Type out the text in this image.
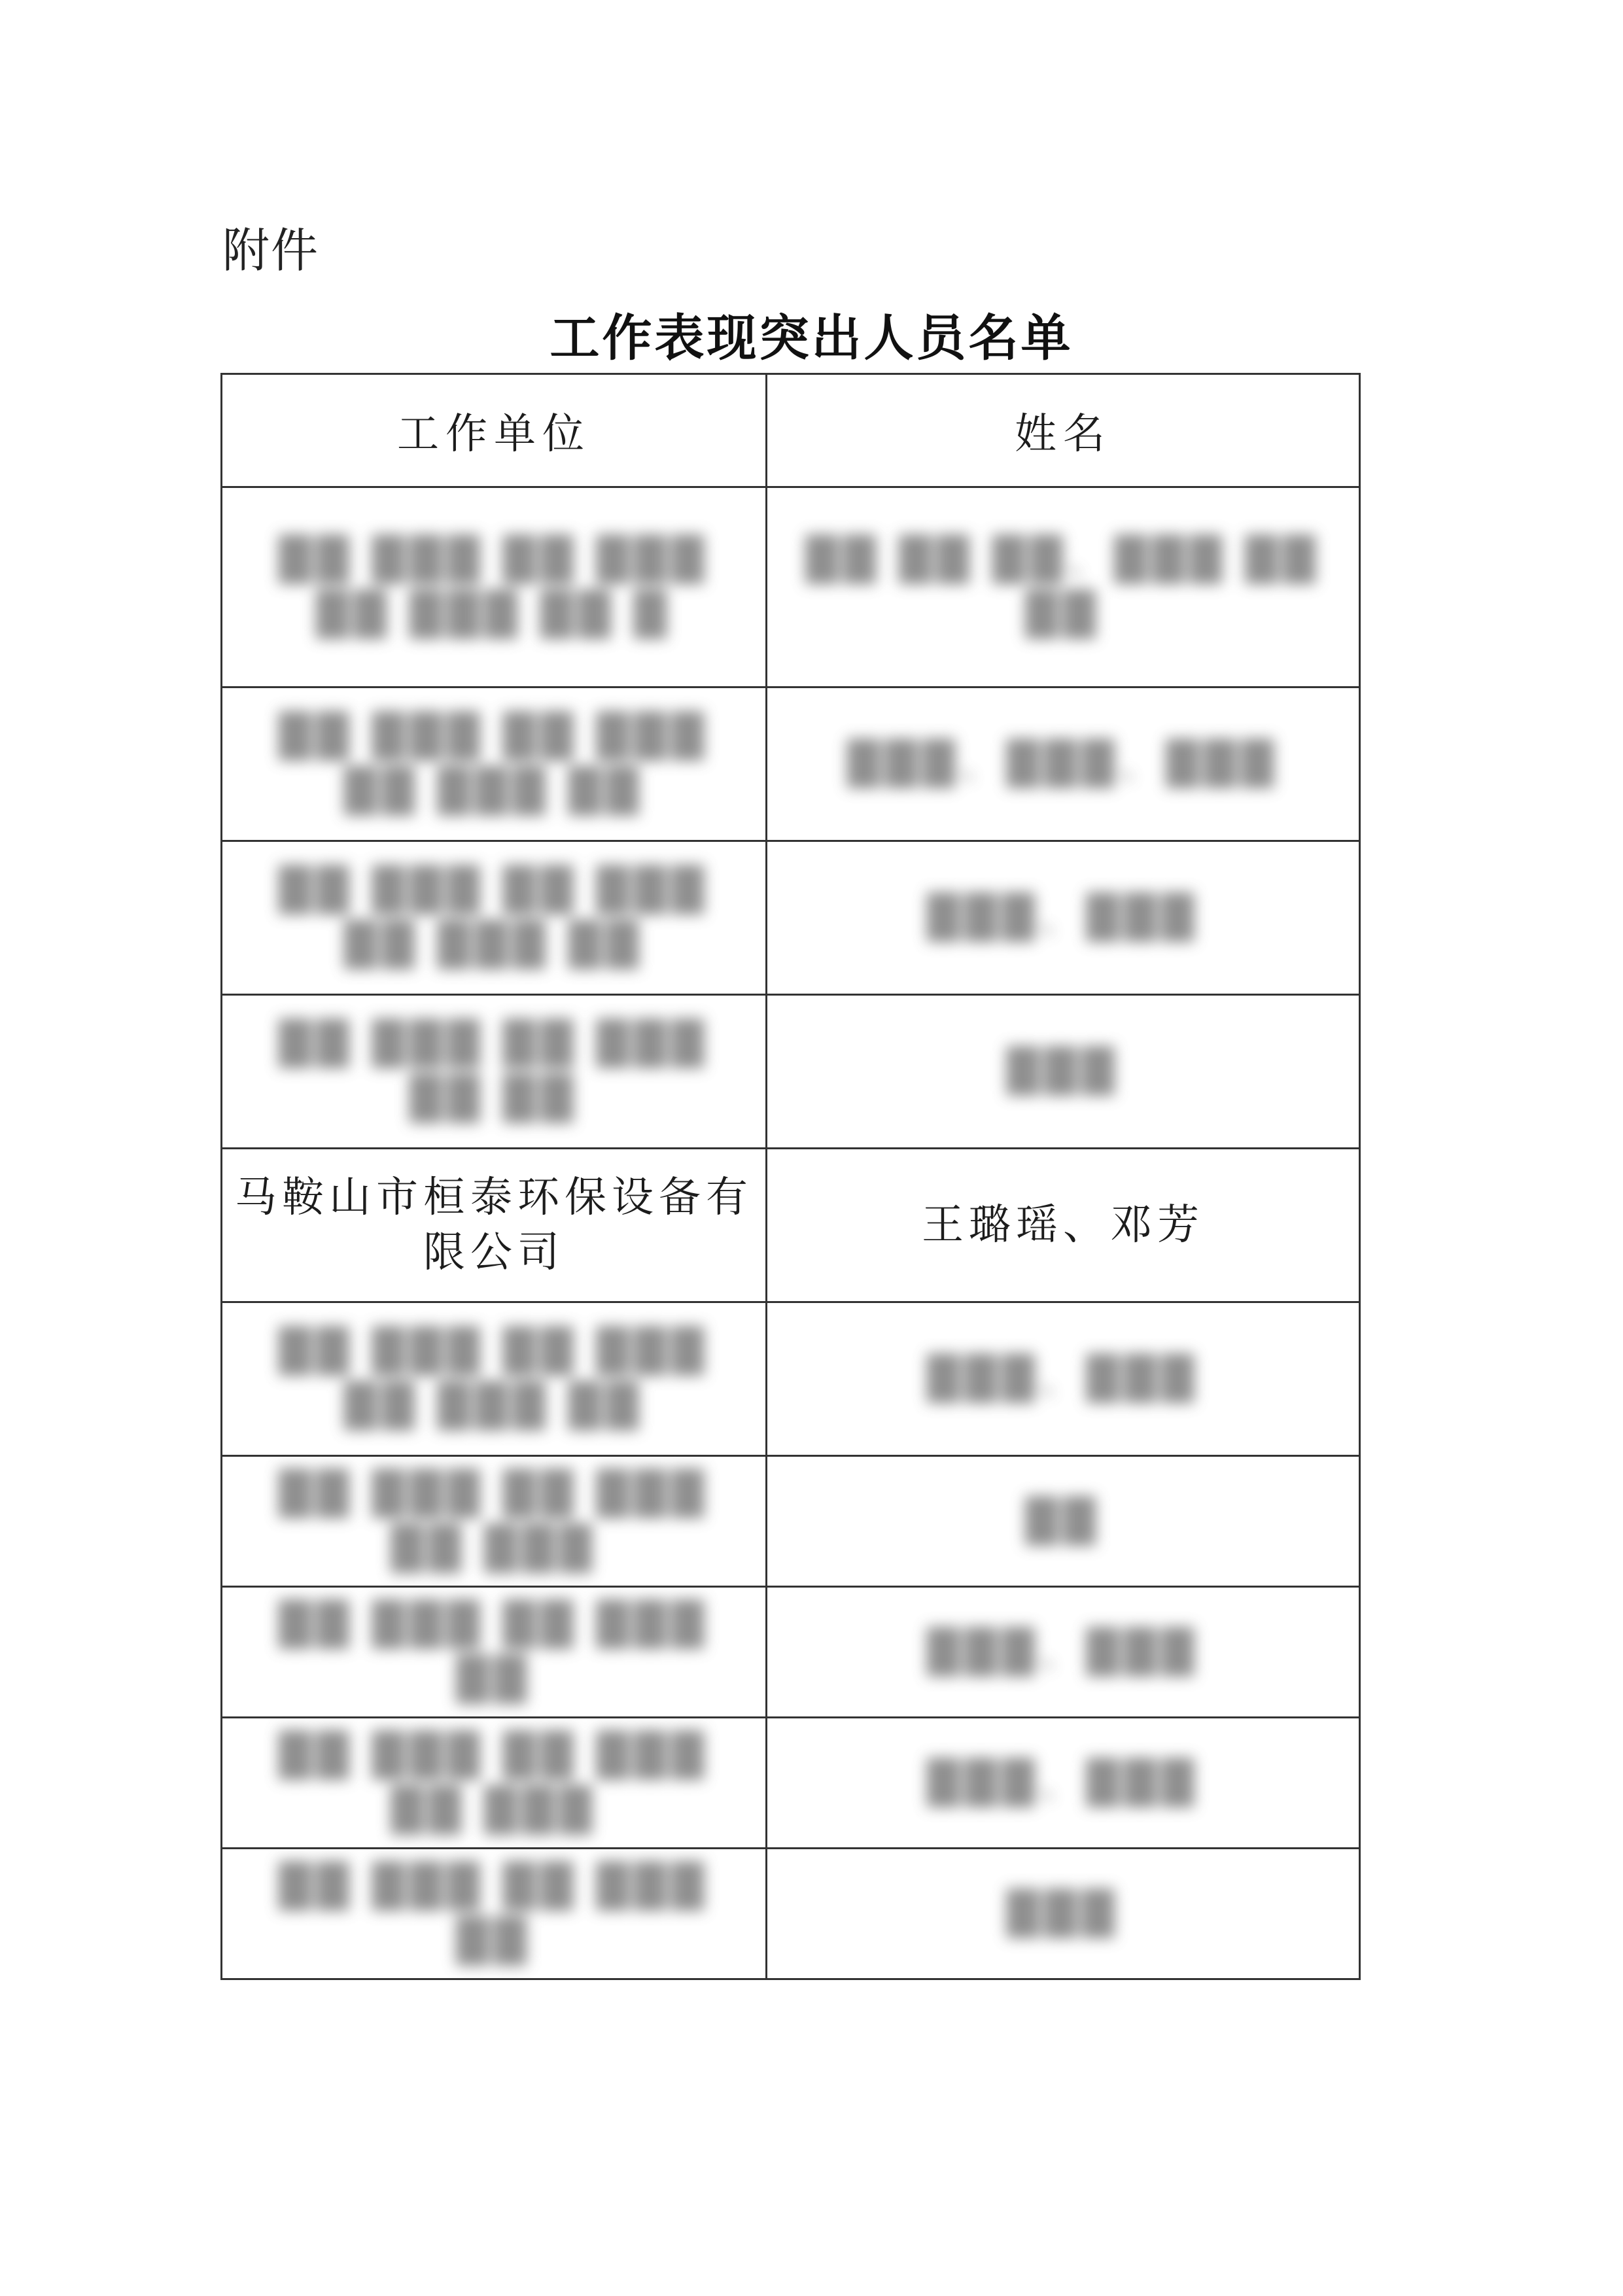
附件
工作表现突出人员名单
工作单位	姓名
██ ███ ██ ███ ██ ███ ██ █	██ ██ ██、███ ██ ██
██ ███ ██ ███ ██ ███ ██	███、███、███
██ ███ ██ ███ ██ ███ ██	███、███
██ ███ ██ ███ ██ ██	███
马鞍山市桓泰环保设备有限公司	王璐瑶、邓芳
██ ███ ██ ███ ██ ███ ██	███、███
██ ███ ██ ███ ██ ███	██
██ ███ ██ ███ ██	███、███
██ ███ ██ ███ ██ ███	███、███
██ ███ ██ ███ ██	███
